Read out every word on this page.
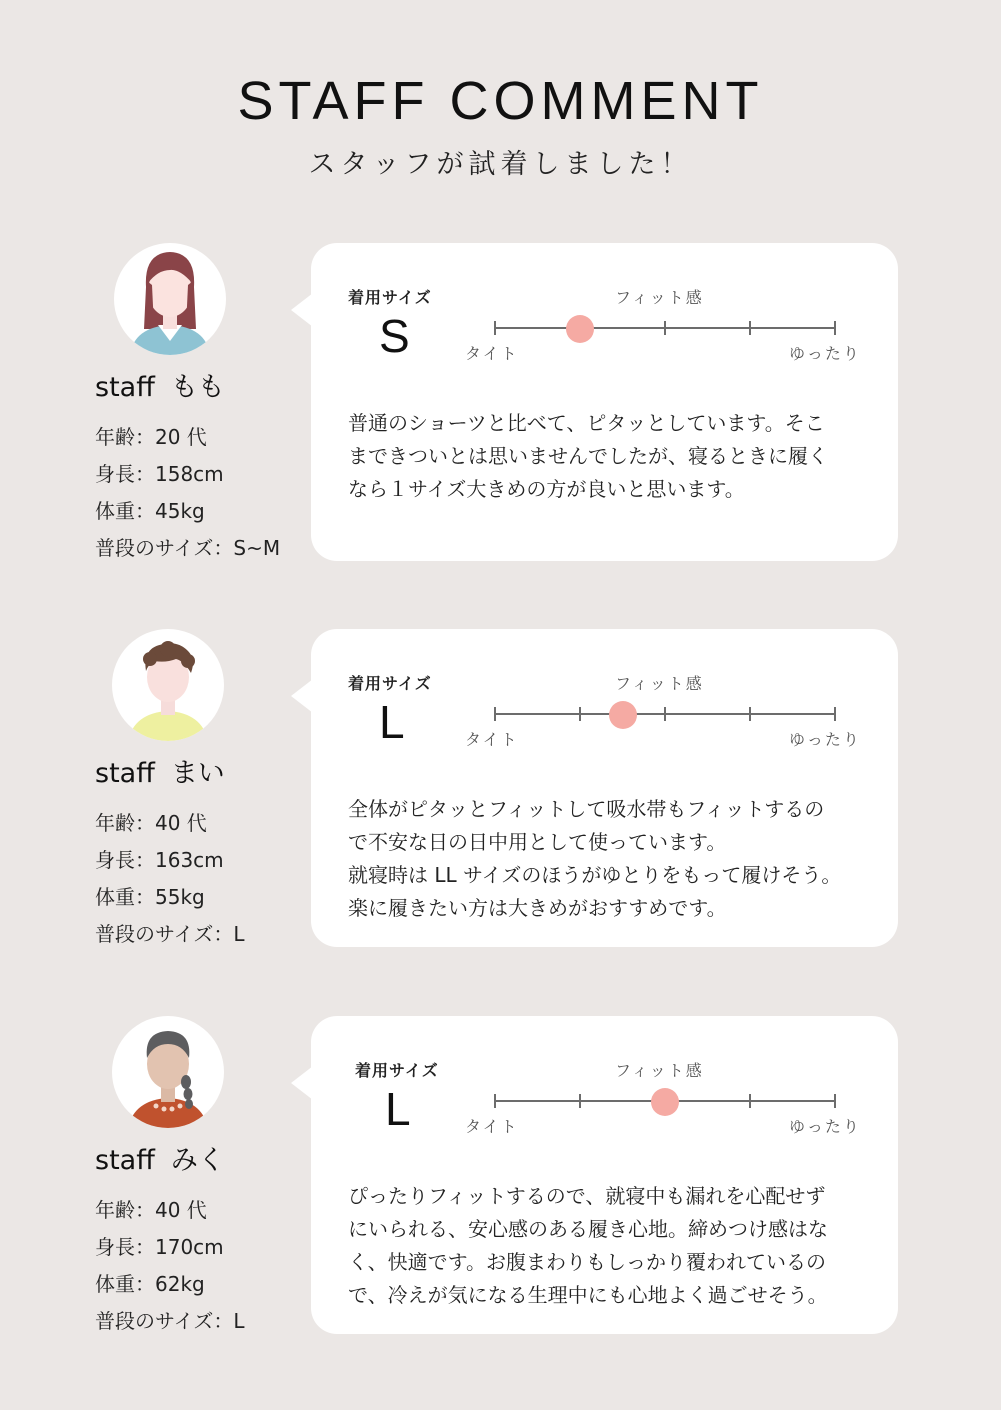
STAFF COMMENT
スタッフが試着しました！
staff もも
年齢：20 代
身長：158cm
体重：45kg
普段のサイズ：S~M
着用サイズ
S
フィット感
タイト	ゆったり

普通のショーツと比べて、ピタッとしています。そこ

まできついとは思いませんでしたが、寝るときに履く

なら１サイズ大きめの方が良いと思います。

staff まい
年齢：40 代
身長：163cm
体重：55kg
普段のサイズ：L
着用サイズ
L
フィット感
タイト	ゆったり

全体がピタッとフィットして吸水帯もフィットするの

で不安な日の日中用として使っています。

就寝時は LL サイズのほうがゆとりをもって履けそう。

楽に履きたい方は大きめがおすすめです。

staff みく
年齢：40 代
身長：170cm
体重：62kg
普段のサイズ：L
着用サイズ
L
フィット感
タイト	ゆったり

ぴったりフィットするので、就寝中も漏れを心配せず

にいられる、安心感のある履き心地。締めつけ感はな

く、快適です。お腹まわりもしっかり覆われているの

で、冷えが気になる生理中にも心地よく過ごせそう。
